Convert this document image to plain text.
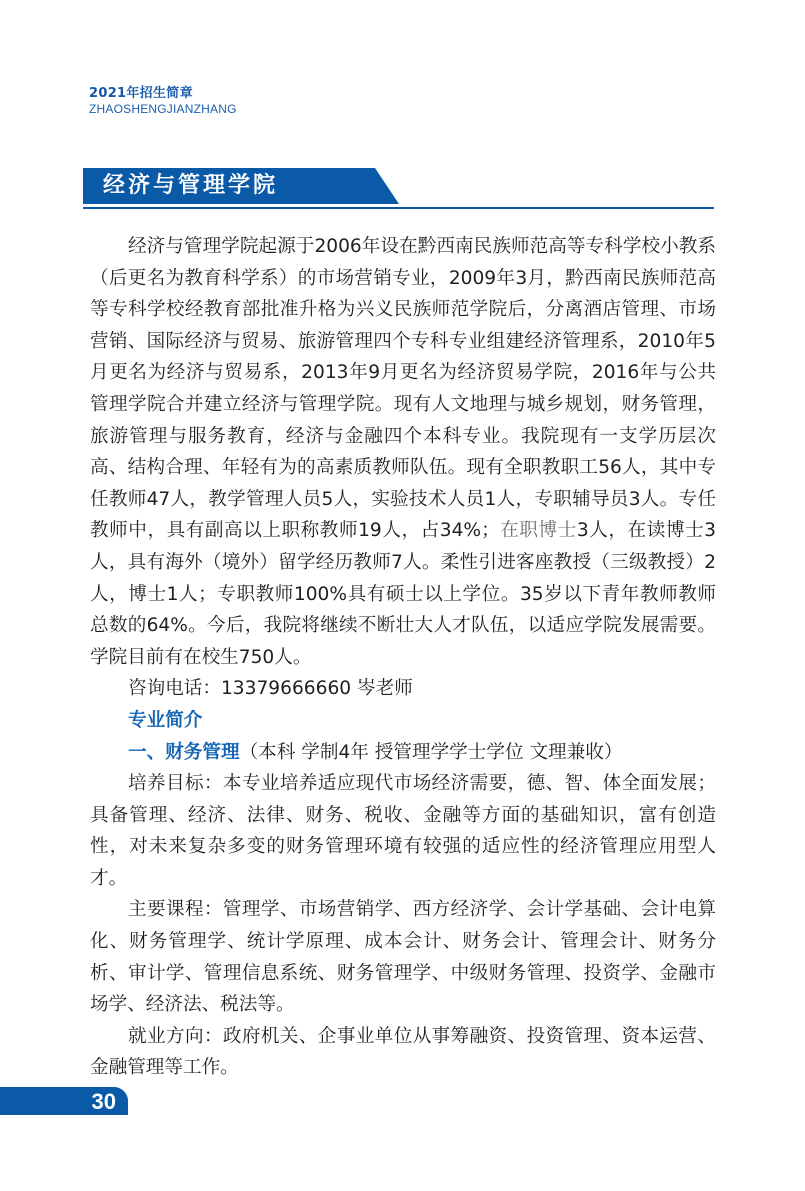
2021年招生简章
ZHAOSHENGJIANZHANG
经济与管理学院

经济与管理学院起源于2006年设在黔西南民族师范高等专科学校小教系（后更名为教育科学系）的市场营销专业，2009年3月，黔西南民族师范高等专科学校经教育部批准升格为兴义民族师范学院后，分离酒店管理、市场营销、国际经济与贸易、旅游管理四个专科专业组建经济管理系，2010年5月更名为经济与贸易系，2013年9月更名为经济贸易学院，2016年与公共管理学院合并建立经济与管理学院。现有人文地理与城乡规划，财务管理，旅游管理与服务教育，经济与金融四个本科专业。我院现有一支学历层次高、结构合理、年轻有为的高素质教师队伍。现有全职教职工56人，其中专任教师47人，教学管理人员5人，实验技术人员1人，专职辅导员3人。专任教师中，具有副高以上职称教师19人，占34%；在职博士3人，在读博士3人，具有海外（境外）留学经历教师7人。柔性引进客座教授（三级教授）2人，博士1人；专职教师100%具有硕士以上学位。35岁以下青年教师教师总数的64%。今后，我院将继续不断壮大人才队伍，以适应学院发展需要。学院目前有在校生750人。

咨询电话：13379666660 岑老师

专业简介

一、财务管理（本科 学制4年 授管理学学士学位 文理兼收）

培养目标：本专业培养适应现代市场经济需要，德、智、体全面发展；具备管理、经济、法律、财务、税收、金融等方面的基础知识，富有创造性，对未来复杂多变的财务管理环境有较强的适应性的经济管理应用型人才。

主要课程：管理学、市场营销学、西方经济学、会计学基础、会计电算化、财务管理学、统计学原理、成本会计、财务会计、管理会计、财务分析、审计学、管理信息系统、财务管理学、中级财务管理、投资学、金融市场学、经济法、税法等。

就业方向：政府机关、企事业单位从事筹融资、投资管理、资本运营、金融管理等工作。

30
